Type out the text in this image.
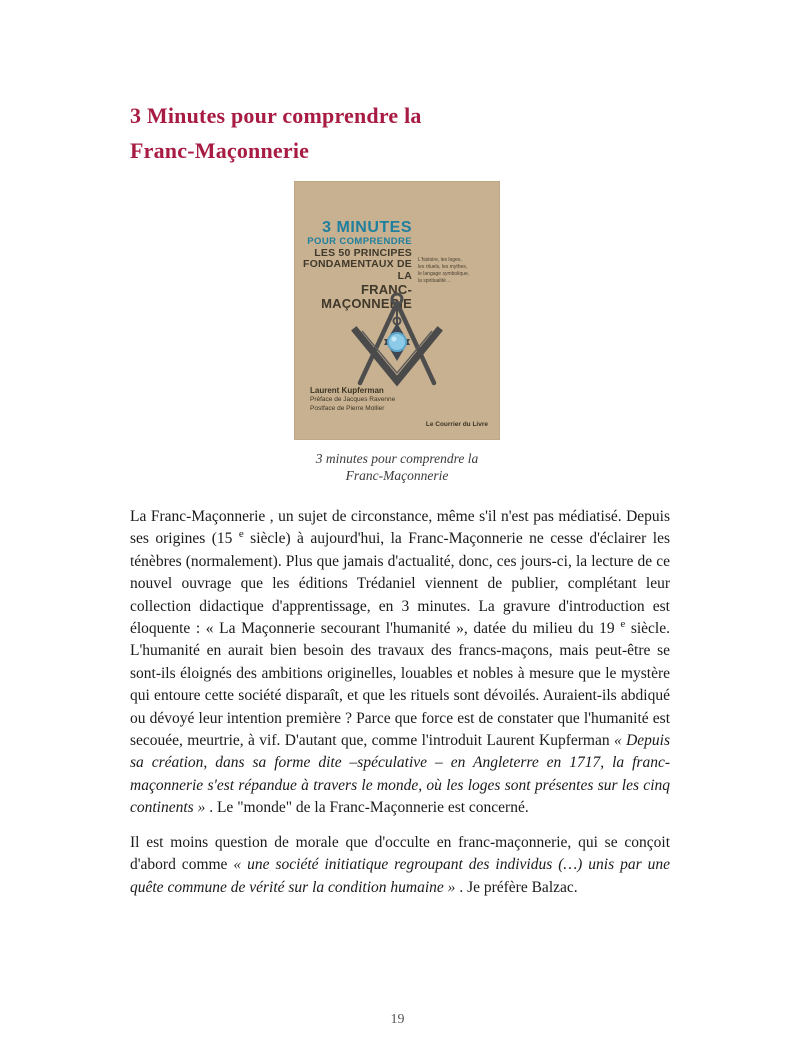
3 Minutes pour comprendre la
Franc-Maçonnerie
3 MINUTES
POUR COMPRENDRE
LES 50 PRINCIPES
FONDAMENTAUX DE LA
FRANC-MAÇONNERIE
L'histoire, les loges,
les rituels, les mythes,
le langage symbolique,
la spiritualité…
Laurent Kupferman
Préface de Jacques Ravenne
Postface de Pierre Mollier
Le Courrier du Livre
3 minutes pour comprendre la
Franc-Maçonnerie

La Franc-Maçonnerie , un sujet de circonstance, même s'il n'est pas médiatisé. Depuis ses origines (15 $^e$ siècle) à aujourd'hui, la Franc-Maçonnerie ne cesse d'éclairer les ténèbres (normalement). Plus que jamais d'actualité, donc, ces jours-ci, la lecture de ce nouvel ouvrage que les éditions Trédaniel viennent de publier, complétant leur collection didactique d'apprentissage, en 3 minutes. La gravure d'introduction est éloquente : « La Maçonnerie secourant l'humanité », datée du milieu du 19 $^e$ siècle. L'humanité en aurait bien besoin des travaux des francs-maçons, mais peut-être se sont-ils éloignés des ambitions originelles, louables et nobles à mesure que le mystère qui entoure cette société disparaît, et que les rituels sont dévoilés. Auraient-ils abdiqué ou dévoyé leur intention première ? Parce que force est de constater que l'humanité est secouée, meurtrie, à vif. D'autant que, comme l'introduit Laurent Kupferman « Depuis sa création, dans sa forme dite –spéculative – en Angleterre en 1717, la franc-maçonnerie s'est répandue à travers le monde, où les loges sont présentes sur les cinq continents » . Le "monde" de la Franc-Maçonnerie est concerné.

Il est moins question de morale que d'occulte en franc-maçonnerie, qui se conçoit d'abord comme « une société initiatique regroupant des individus (…) unis par une quête commune de vérité sur la condition humaine » . Je préfère Balzac.

19
